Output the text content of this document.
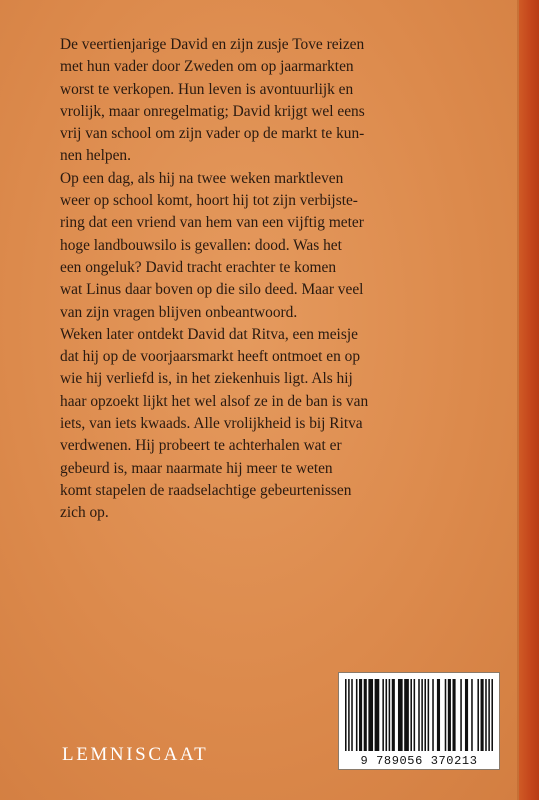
De veertienjarige David en zijn zusje Tove reizen
met hun vader door Zweden om op jaarmarkten
worst te verkopen. Hun leven is avontuurlijk en
vrolijk, maar onregelmatig; David krijgt wel eens
vrij van school om zijn vader op de markt te kun-
nen helpen.

Op een dag, als hij na twee weken marktleven
weer op school komt, hoort hij tot zijn verbijste-
ring dat een vriend van hem van een vijftig meter
hoge landbouwsilo is gevallen: dood. Was het
een ongeluk? David tracht erachter te komen
wat Linus daar boven op die silo deed. Maar veel
van zijn vragen blijven onbeantwoord.

Weken later ontdekt David dat Ritva, een meisje
dat hij op de voorjaarsmarkt heeft ontmoet en op
wie hij verliefd is, in het ziekenhuis ligt. Als hij
haar opzoekt lijkt het wel alsof ze in de ban is van
iets, van iets kwaads. Alle vrolijkheid is bij Ritva
verdwenen. Hij probeert te achterhalen wat er
gebeurd is, maar naarmate hij meer te weten
komt stapelen de raadselachtige gebeurtenissen
zich op.

LEMNISCAAT	9 789056 370213
